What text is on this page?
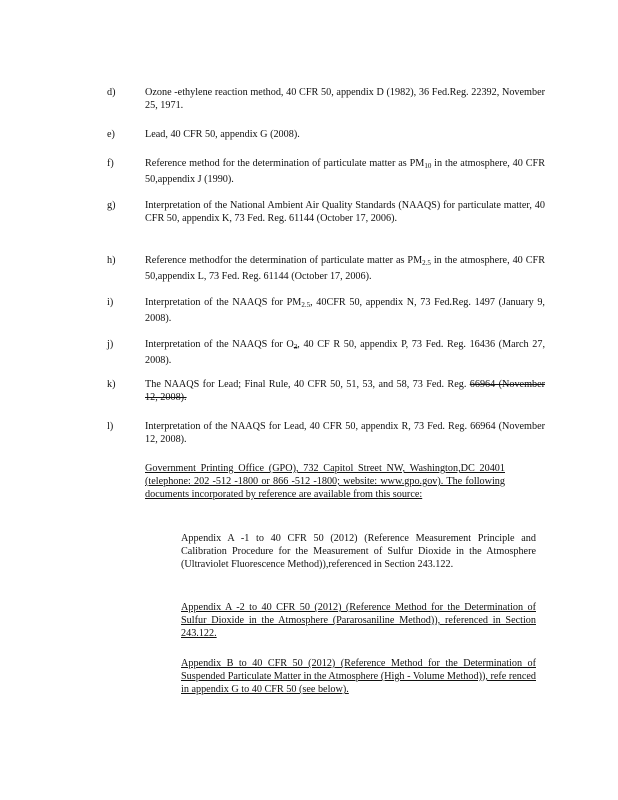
d)	Ozone -ethylene reaction method, 40 CFR 50, appendix D (1982), 36 Fed.Reg. 22392, November 25, 1971.
e)	Lead, 40 CFR 50, appendix G (2008).
f)	Reference method for the determination of particulate matter as PM10 in the atmosphere, 40 CFR 50,appendix J (1990).
g)	Interpretation of the National Ambient Air Quality Standards (NAAQS) for particulate matter, 40 CFR 50, appendix K, 73 Fed. Reg. 61144 (October 17, 2006).
h)	Reference methodfor the determination of particulate matter as PM2.5 in the atmosphere, 40 CFR 50,appendix L, 73 Fed. Reg. 61144 (October 17, 2006).
i)	Interpretation of the NAAQS for PM2.5, 40CFR 50, appendix N, 73 Fed.Reg. 1497 (January 9, 2008).
j)	Interpretation of the NAAQS for O3, 40 CF R 50, appendix P, 73 Fed. Reg. 16436 (March 27, 2008).
k)	The NAAQS for Lead; Final Rule, 40 CFR 50, 51, 53, and 58, 73 Fed. Reg. 66964 (November 12, 2008).
l)	Interpretation of the NAAQS for Lead, 40 CFR 50, appendix R, 73 Fed. Reg. 66964 (November 12, 2008).
Government Printing Office (GPO), 732 Capitol Street NW, Washington,DC 20401 (telephone: 202 -512 -1800 or 866 -512 -1800; website: www.gpo.gov). The following documents incorporated by reference are available from this source:
Appendix A -1 to 40 CFR 50 (2012) (Reference Measurement Principle and Calibration Procedure for the Measurement of Sulfur Dioxide in the Atmosphere (Ultraviolet Fluorescence Method)),referenced in Section 243.122.
Appendix A -2 to 40 CFR 50 (2012) (Reference Method for the Determination of Sulfur Dioxide in the Atmosphere (Pararosaniline Method)), referenced in Section 243.122.
Appendix B to 40 CFR 50 (2012) (Reference Method for the Determination of Suspended Particulate Matter in the Atmosphere (High - Volume Method)), refe renced in appendix G to 40 CFR 50 (see below).
